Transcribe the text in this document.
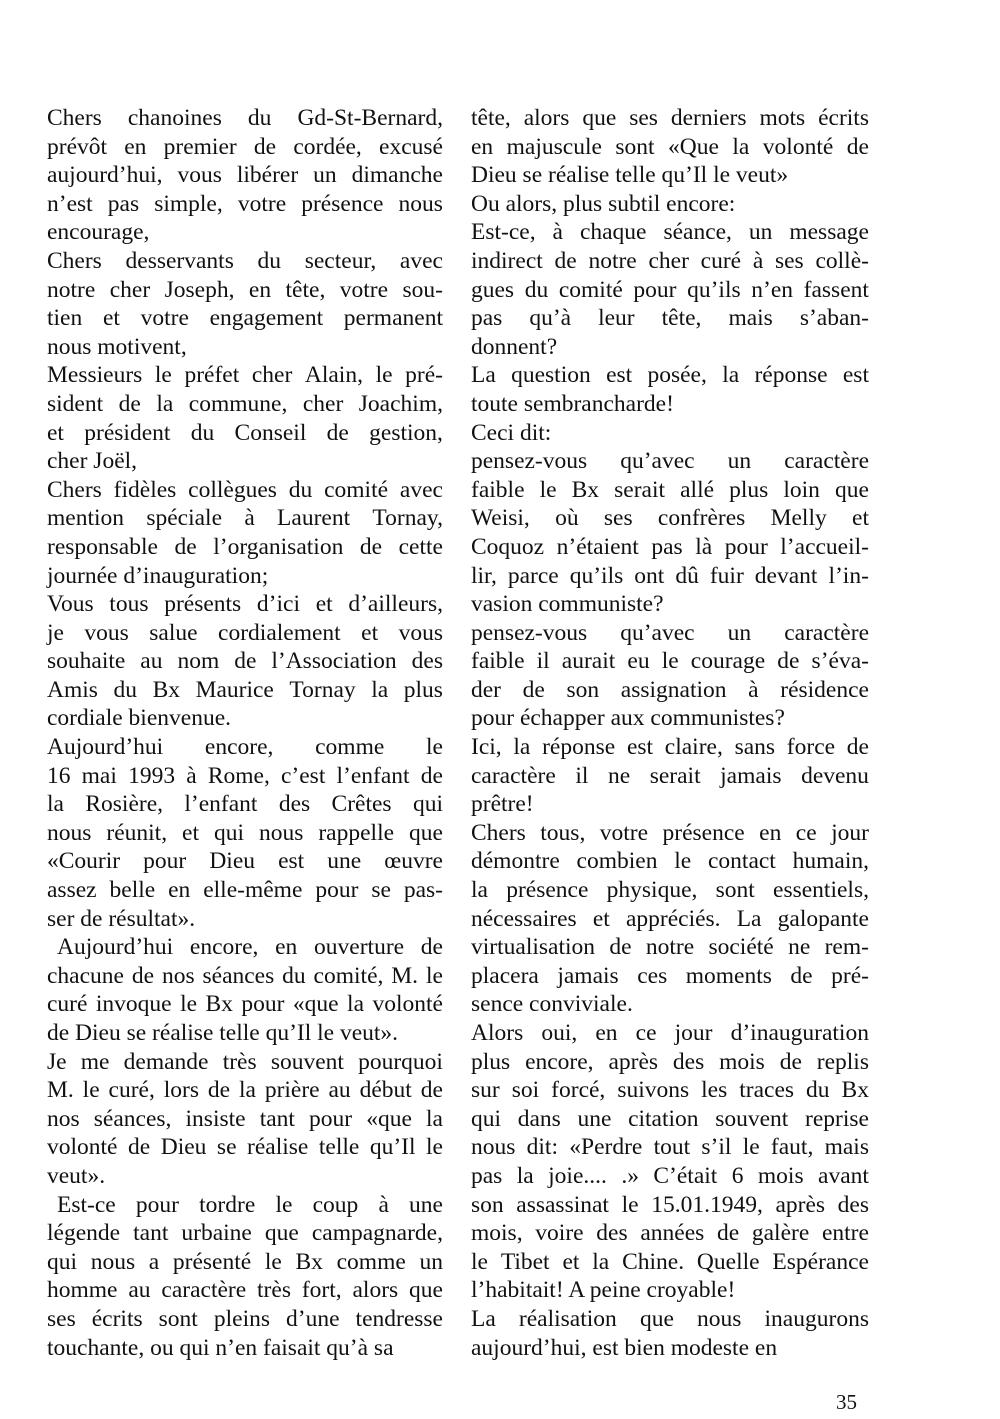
Chers chanoines du Gd-St-Bernard,
prévôt en premier de cordée, excusé
aujourd’hui, vous libérer un dimanche
n’est pas simple, votre présence nous
encourage,
Chers desservants du secteur, avec
notre cher Joseph, en tête, votre sou-
tien et votre engagement permanent
nous motivent,
Messieurs le préfet cher Alain, le pré-
sident de la commune, cher Joachim,
et président du Conseil de gestion,
cher Joël,
Chers fidèles collègues du comité avec
mention spéciale à Laurent Tornay,
responsable de l’organisation de cette
journée d’inauguration;
Vous tous présents d’ici et d’ailleurs,
je vous salue cordialement et vous
souhaite au nom de l’Association des
Amis du Bx Maurice Tornay la plus
cordiale bienvenue.
Aujourd’hui encore, comme le
16 mai 1993 à Rome, c’est l’enfant de
la Rosière, l’enfant des Crêtes qui
nous réunit, et qui nous rappelle que
«Courir pour Dieu est une œuvre
assez belle en elle-même pour se pas-
ser de résultat».
Aujourd’hui encore, en ouverture de
chacune de nos séances du comité, M. le
curé invoque le Bx pour «que la volonté
de Dieu se réalise telle qu’Il le veut».
Je me demande très souvent pourquoi
M. le curé, lors de la prière au début de
nos séances, insiste tant pour «que la
volonté de Dieu se réalise telle qu’Il le
veut».
Est-ce pour tordre le coup à une
légende tant urbaine que campagnarde,
qui nous a présenté le Bx comme un
homme au caractère très fort, alors que
ses écrits sont pleins d’une tendresse
touchante, ou qui n’en faisait qu’à sa
tête, alors que ses derniers mots écrits
en majuscule sont «Que la volonté de
Dieu se réalise telle qu’Il le veut»
Ou alors, plus subtil encore:
Est-ce, à chaque séance, un message
indirect de notre cher curé à ses collè-
gues du comité pour qu’ils n’en fassent
pas qu’à leur tête, mais s’aban-
donnent?
La question est posée, la réponse est
toute sembrancharde!
Ceci dit:
pensez-vous qu’avec un caractère
faible le Bx serait allé plus loin que
Weisi, où ses confrères Melly et
Coquoz n’étaient pas là pour l’accueil-
lir, parce qu’ils ont dû fuir devant l’in-
vasion communiste?
pensez-vous qu’avec un caractère
faible il aurait eu le courage de s’éva-
der de son assignation à résidence
pour échapper aux communistes?
Ici, la réponse est claire, sans force de
caractère il ne serait jamais devenu
prêtre!
Chers tous, votre présence en ce jour
démontre combien le contact humain,
la présence physique, sont essentiels,
nécessaires et appréciés. La galopante
virtualisation de notre société ne rem-
placera jamais ces moments de pré-
sence conviviale.
Alors oui, en ce jour d’inauguration
plus encore, après des mois de replis
sur soi forcé, suivons les traces du Bx
qui dans une citation souvent reprise
nous dit: «Perdre tout s’il le faut, mais
pas la joie.... .» C’était 6 mois avant
son assassinat le 15.01.1949, après des
mois, voire des années de galère entre
le Tibet et la Chine. Quelle Espérance
l’habitait! A peine croyable!
La réalisation que nous inaugurons
aujourd’hui, est bien modeste en
35
